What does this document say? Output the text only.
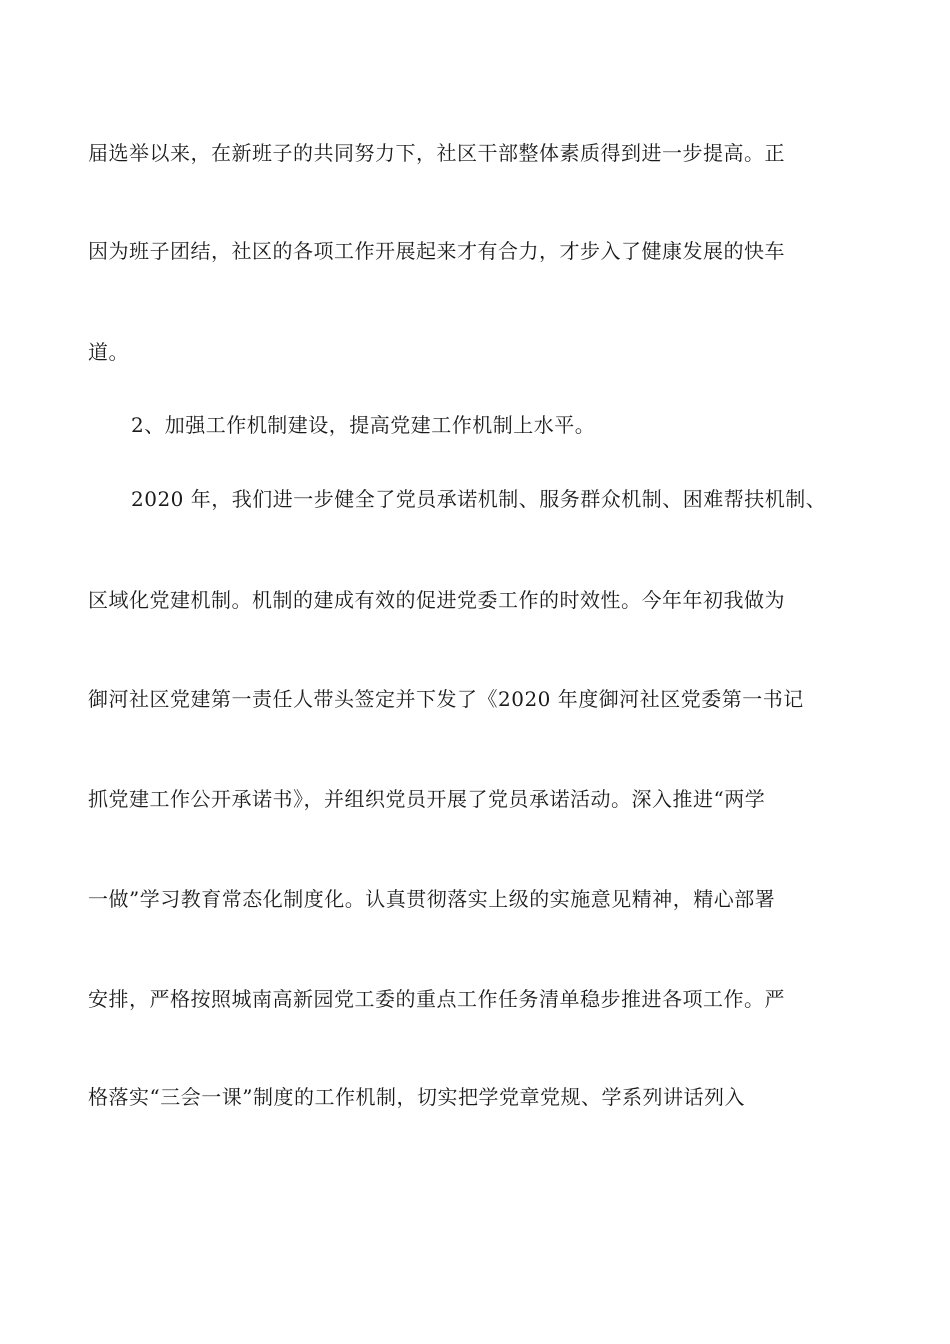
届选举以来，在新班子的共同努力下，社区干部整体素质得到进一步提高。正

因为班子团结，社区的各项工作开展起来才有合力，才步入了健康发展的快车

道。

2、加强工作机制建设，提高党建工作机制上水平。

2020 年，我们进一步健全了党员承诺机制、服务群众机制、困难帮扶机制、

区域化党建机制。机制的建成有效的促进党委工作的时效性。今年年初我做为

御河社区党建第一责任人带头签定并下发了《2020 年度御河社区党委第一书记

抓党建工作公开承诺书》，并组织党员开展了党员承诺活动。深入推进“两学

一做”学习教育常态化制度化。认真贯彻落实上级的实施意见精神，精心部署

安排，严格按照城南高新园党工委的重点工作任务清单稳步推进各项工作。严

格落实“三会一课”制度的工作机制，切实把学党章党规、学系列讲话列入
